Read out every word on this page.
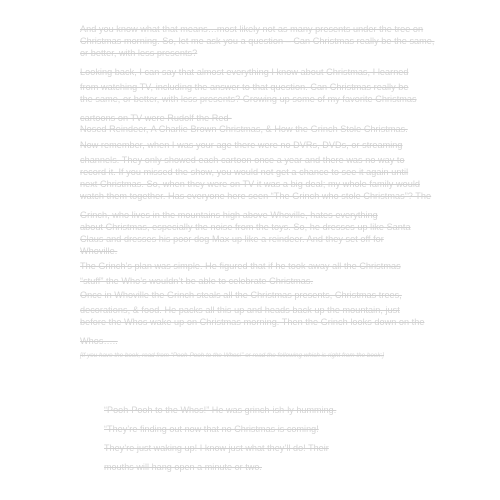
And you know what that means…most likely not as many presents under the tree on
Christmas morning. So, let me ask you a question – Can Christmas really be the same,
or better, with less presents?
Looking back, I can say that almost everything I know about Christmas, I learned
from watching TV, including the answer to that question. Can Christmas really be
the same, or better, with less presents? Growing up some of my favorite Christmas
cartoons on TV were Rudolf the Red-
Nosed Reindeer, A Charlie Brown Christmas, & How the Grinch Stole Christmas.
Now remember, when I was your age there were no DVRs, DVDs, or streaming
channels. They only showed each cartoon once a year and there was no way to
record it. If you missed the show, you would not get a chance to see it again until
next Christmas. So, when they were on TV it was a big deal; my whole family would
watch them together. Has everyone here seen “The Grinch who stole Christmas”? The
Grinch, who lives in the mountains high above Whoville, hates everything
about Christmas, especially the noise from the toys. So, he dresses up like Santa
Claus and dresses his poor dog Max up like a reindeer. And they set off for
Whoville.
The Grinch’s plan was simple. He figured that if he took away all the Christmas
“stuff” the Who’s wouldn’t be able to celebrate Christmas.
Once in Whoville the Grinch steals all the Christmas presents, Christmas trees,
decorations, & food. He packs all this up and heads back up the mountain, just
before the Whos wake up on Christmas morning. Then the Grinch looks down on the
Whos…..
[If you have the book, read from “Pooh-Pooh to the Whos!” or read the following which is right from the book:]
“Pooh-Pooh to the Whos!” He was grinch-ish-ly humming.
“They’re finding out now that no Christmas is coming!
They’re just waking up! I know just what they’ll do! Their
mouths will hang open a minute or two.
